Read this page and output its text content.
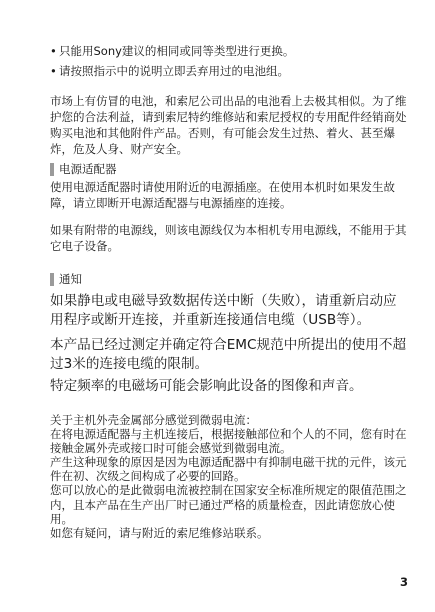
• 只能用Sony建议的相同或同等类型进行更换。
• 请按照指示中的说明立即丢弃用过的电池组。

市场上有仿冒的电池，和索尼公司出品的电池看上去极其相似。为了维护您的合法利益，请到索尼特约维修站和索尼授权的专用配件经销商处购买电池和其他附件产品。否则，有可能会发生过热、着火、甚至爆炸，危及人身、财产安全。

电源适配器

使用电源适配器时请使用附近的电源插座。在使用本机时如果发生故障，请立即断开电源适配器与电源插座的连接。

如果有附带的电源线，则该电源线仅为本相机专用电源线，不能用于其它电子设备。

通知

如果静电或电磁导致数据传送中断（失败），请重新启动应用程序或断开连接，并重新连接通信电缆（USB等）。

本产品已经过测定并确定符合EMC规范中所提出的使用不超过3米的连接电缆的限制。

特定频率的电磁场可能会影响此设备的图像和声音。

关于主机外壳金属部分感觉到微弱电流：
在将电源适配器与主机连接后，根据接触部位和个人的不同，您有时在接触金属外壳或接口时可能会感觉到微弱电流。
产生这种现象的原因是因为电源适配器中有抑制电磁干扰的元件，该元件在初、次级之间构成了必要的回路。
您可以放心的是此微弱电流被控制在国家安全标准所规定的限值范围之内，且本产品在生产出厂时已通过严格的质量检查，因此请您放心使用。
如您有疑问，请与附近的索尼维修站联系。
3
